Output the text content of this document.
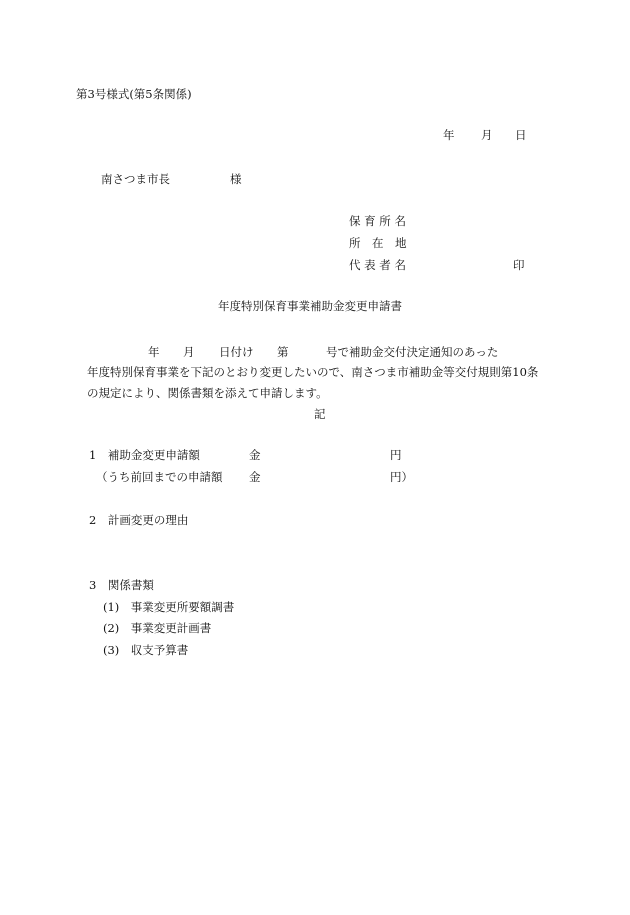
第3号様式(第5条関係)
年 月 日
南さつま市長	様
保 育 所 名
所　在　地
代 表 者 名	印
年度特別保育事業補助金変更申請書
年 月 日付け 第	号で補助金交付決定通知のあった
年度特別保育事業を下記のとおり変更したいので、南さつま市補助金等交付規則第10条
の規定により、関係書類を添えて申請します。
記
1　補助金変更申請額	金	円
（うち前回までの申請額 金	円）
2　計画変更の理由
3　関係書類
(1)　事業変更所要額調書
(2)　事業変更計画書
(3)　収支予算書
